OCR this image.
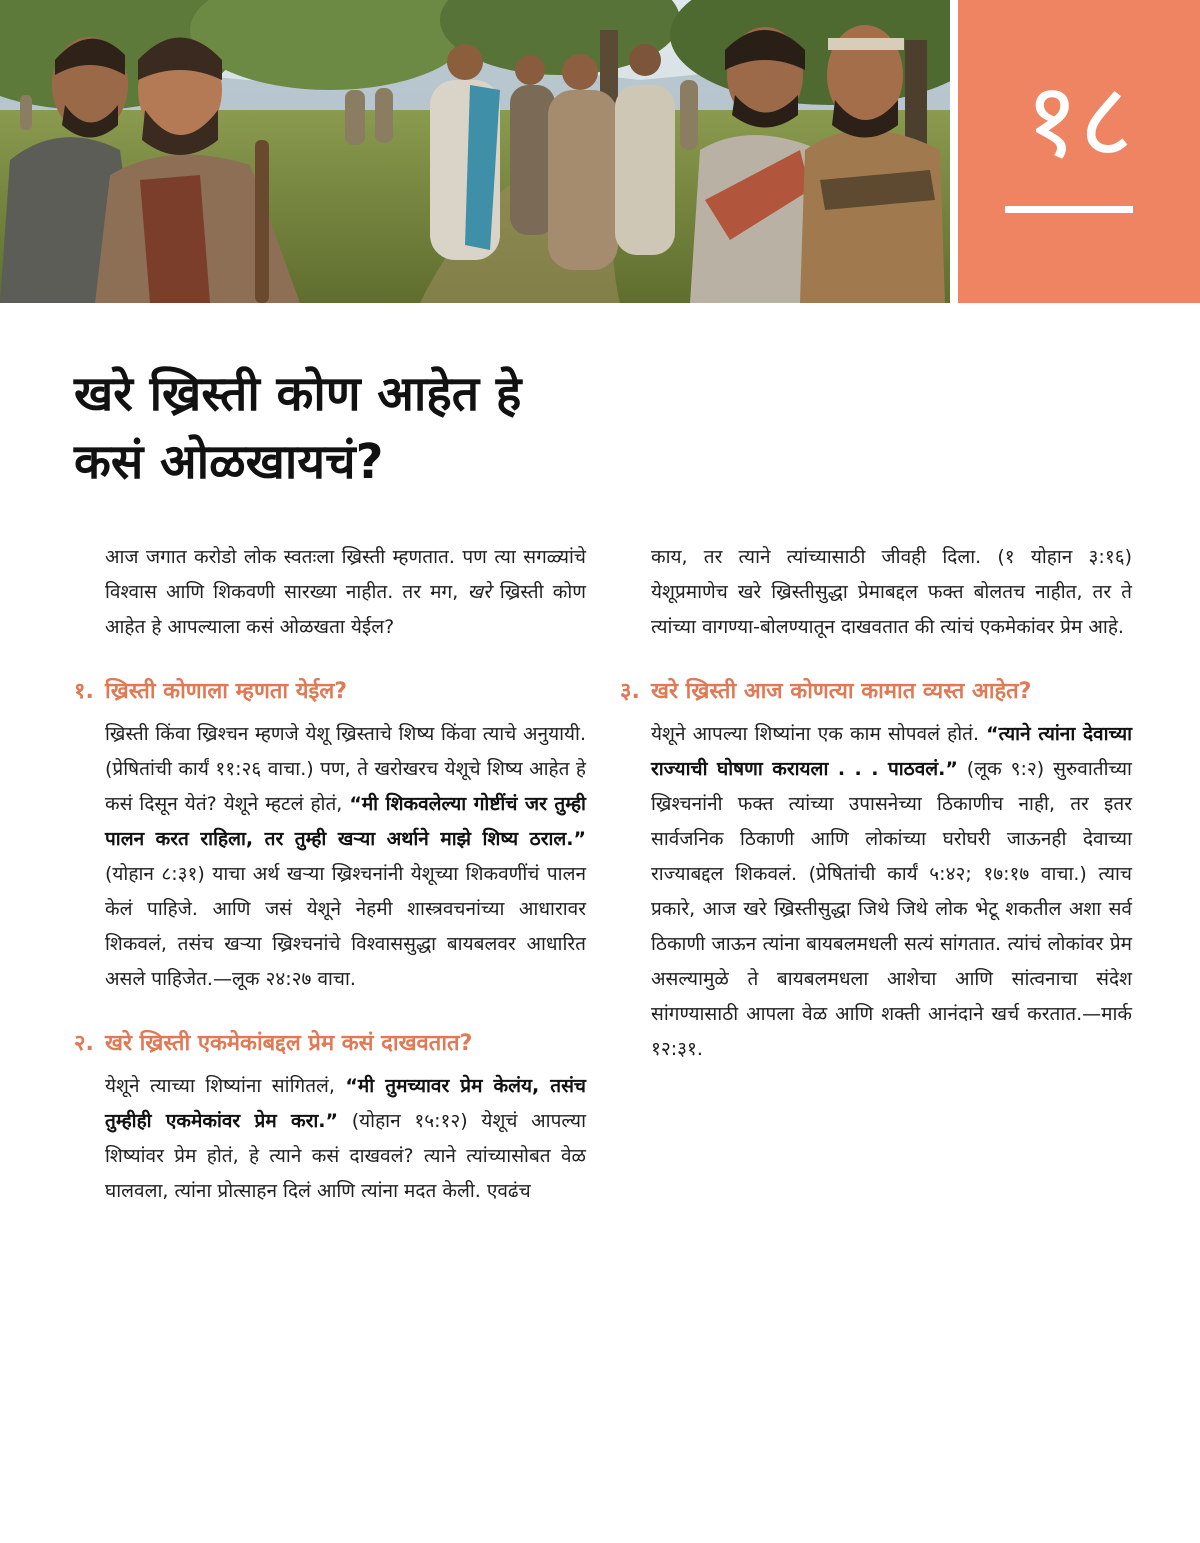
१८
खरे ख्रिस्ती कोण आहेत हे
कसं ओळखायचं?

आज जगात करोडो लोक स्वतःला ख्रिस्ती म्हणतात. पण त्या सगळ्यांचे विश्वास आणि शिकवणी सारख्या नाहीत. तर मग, खरे ख्रिस्ती कोण आहेत हे आपल्याला कसं ओळखता येईल?

१. ख्रिस्ती कोणाला म्हणता येईल?

ख्रिस्ती किंवा ख्रिश्चन म्हणजे येशू ख्रिस्ताचे शिष्य किंवा त्याचे अनुयायी. (प्रेषितांची कार्यं ११:२६ वाचा.) पण, ते खरोखरच येशूचे शिष्य आहेत हे कसं दिसून येतं? येशूने म्हटलं होतं, “मी शिकवलेल्या गोष्टींचं जर तुम्ही पालन करत राहिला, तर तुम्ही खऱ्या अर्थाने माझे शिष्य ठराल.” (योहान ८:३१) याचा अर्थ खऱ्या ख्रिश्चनांनी येशूच्या शिकवणींचं पालन केलं पाहिजे. आणि जसं येशूने नेहमी शास्त्रवचनांच्या आधारावर शिकवलं, तसंच खऱ्या ख्रिश्चनांचे विश्वाससुद्धा बायबलवर आधारित असले पाहिजेत.—लूक २४:२७ वाचा.

२. खरे ख्रिस्ती एकमेकांबद्दल प्रेम कसं दाखवतात?

येशूने त्याच्या शिष्यांना सांगितलं, “मी तुमच्यावर प्रेम केलंय, तसंच तुम्हीही एकमेकांवर प्रेम करा.” (योहान १५:१२) येशूचं आपल्या शिष्यांवर प्रेम होतं, हे त्याने कसं दाखवलं? त्याने त्यांच्यासोबत वेळ घालवला, त्यांना प्रोत्साहन दिलं आणि त्यांना मदत केली. एवढंच

काय, तर त्याने त्यांच्यासाठी जीवही दिला. (१ योहान ३:१६) येशूप्रमाणेच खरे ख्रिस्तीसुद्धा प्रेमाबद्दल फक्त बोलतच नाहीत, तर ते त्यांच्या वागण्या-बोलण्यातून दाखवतात की त्यांचं एकमेकांवर प्रेम आहे.

३. खरे ख्रिस्ती आज कोणत्या कामात व्यस्त आहेत?

येशूने आपल्या शिष्यांना एक काम सोपवलं होतं. “त्याने त्यांना देवाच्या राज्याची घोषणा करायला . . . पाठवलं.” (लूक ९:२) सुरुवातीच्या ख्रिश्चनांनी फक्त त्यांच्या उपासनेच्या ठिकाणीच नाही, तर इतर सार्वजनिक ठिकाणी आणि लोकांच्या घरोघरी जाऊनही देवाच्या राज्याबद्दल शिकवलं. (प्रेषितांची कार्यं ५:४२; १७:१७ वाचा.) त्याच प्रकारे, आज खरे ख्रिस्तीसुद्धा जिथे जिथे लोक भेटू शकतील अशा सर्व ठिकाणी जाऊन त्यांना बायबलमधली सत्यं सांगतात. त्यांचं लोकांवर प्रेम असल्यामुळे ते बायबलमधला आशेचा आणि सांत्वनाचा संदेश सांगण्यासाठी आपला वेळ आणि शक्ती आनंदाने खर्च करतात.—मार्क १२:३१.
